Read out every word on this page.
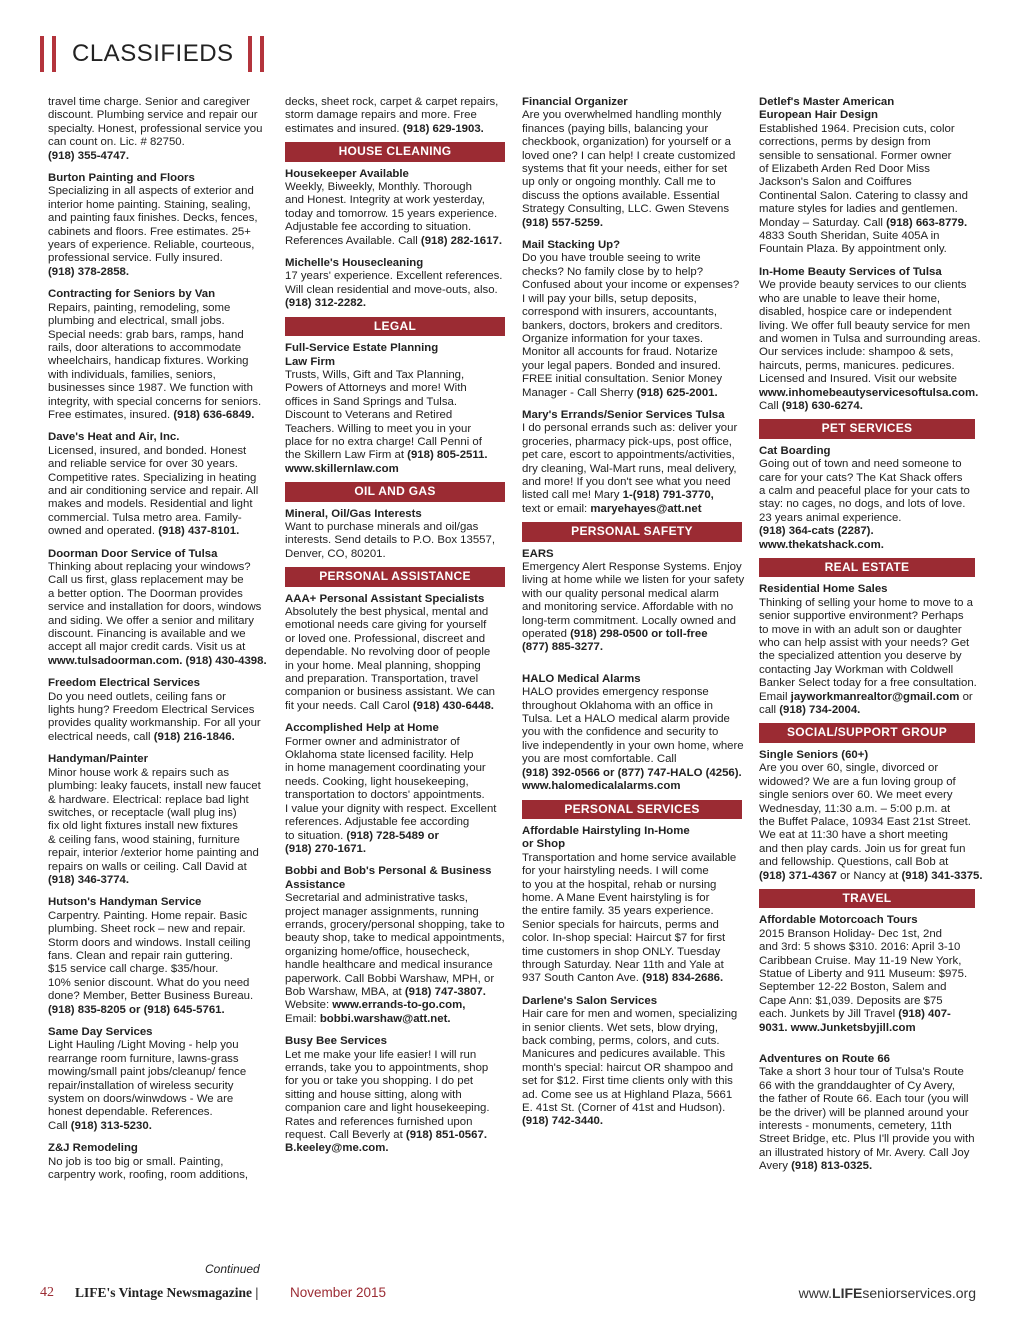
CLASSIFIEDS
travel time charge. Senior and caregiver
discount. Plumbing service and repair our
specialty. Honest, professional service you
can count on. Lic. # 82750.
(918) 355-4747.
Burton Painting and Floors
Specializing in all aspects of exterior and
interior home painting. Staining, sealing,
and painting faux finishes. Decks, fences,
cabinets and floors. Free estimates. 25+
years of experience. Reliable, courteous,
professional service. Fully insured.
(918) 378-2858.
Contracting for Seniors by Van
Repairs, painting, remodeling, some
plumbing and electrical, small jobs.
Special needs: grab bars, ramps, hand
rails, door alterations to accommodate
wheelchairs, handicap fixtures. Working
with individuals, families, seniors,
businesses since 1987. We function with
integrity, with special concerns for seniors.
Free estimates, insured. (918) 636-6849.
Dave's Heat and Air, Inc.
Licensed, insured, and bonded. Honest
and reliable service for over 30 years.
Competitive rates. Specializing in heating
and air conditioning service and repair. All
makes and models. Residential and light
commercial. Tulsa metro area. Family-
owned and operated. (918) 437-8101.
Doorman Door Service of Tulsa
Thinking about replacing your windows?
Call us first, glass replacement may be
a better option. The Doorman provides
service and installation for doors, windows
and siding. We offer a senior and military
discount. Financing is available and we
accept all major credit cards. Visit us at
www.tulsadoorman.com. (918) 430-4398.
Freedom Electrical Services
Do you need outlets, ceiling fans or
lights hung? Freedom Electrical Services
provides quality workmanship. For all your
electrical needs, call (918) 216-1846.
Handyman/Painter
Minor house work & repairs such as
plumbing: leaky faucets, install new faucet
& hardware. Electrical: replace bad light
switches, or receptacle (wall plug ins)
fix old light fixtures install new fixtures
& ceiling fans, wood staining, furniture
repair, interior /exterior home painting and
repairs on walls or ceiling. Call David at
(918) 346-3774.
Hutson's Handyman Service
Carpentry. Painting. Home repair. Basic
plumbing. Sheet rock – new and repair.
Storm doors and windows. Install ceiling
fans. Clean and repair rain guttering.
$15 service call charge. $35/hour.
10% senior discount. What do you need
done? Member, Better Business Bureau.
(918) 835-8205 or (918) 645-5761.
Same Day Services
Light Hauling /Light Moving - help you
rearrange room furniture, lawns-grass
mowing/small paint jobs/cleanup/ fence
repair/installation of wireless security
system on doors/winwdows - We are
honest dependable. References.
Call (918) 313-5230.
Z&J Remodeling
No job is too big or small. Painting,
carpentry work, roofing, room additions,
decks, sheet rock, carpet & carpet repairs,
storm damage repairs and more. Free
estimates and insured. (918) 629-1903.
HOUSE CLEANING
Housekeeper Available
Weekly, Biweekly, Monthly. Thorough
and Honest. Integrity at work yesterday,
today and tomorrow. 15 years experience.
Adjustable fee according to situation.
References Available. Call (918) 282-1617.
Michelle's Housecleaning
17 years' experience. Excellent references.
Will clean residential and move-outs, also.
(918) 312-2282.
LEGAL
Full-Service Estate Planning
Law Firm
Trusts, Wills, Gift and Tax Planning,
Powers of Attorneys and more! With
offices in Sand Springs and Tulsa.
Discount to Veterans and Retired
Teachers. Willing to meet you in your
place for no extra charge! Call Penni of
the Skillern Law Firm at (918) 805-2511.
www.skillernlaw.com
OIL AND GAS
Mineral, Oil/Gas Interests
Want to purchase minerals and oil/gas
interests. Send details to P.O. Box 13557,
Denver, CO, 80201.
PERSONAL ASSISTANCE
AAA+ Personal Assistant Specialists
Absolutely the best physical, mental and
emotional needs care giving for yourself
or loved one. Professional, discreet and
dependable. No revolving door of people
in your home. Meal planning, shopping
and preparation. Transportation, travel
companion or business assistant. We can
fit your needs. Call Carol (918) 430-6448.
Accomplished Help at Home
Former owner and administrator of
Oklahoma state licensed facility. Help
in home management coordinating your
needs. Cooking, light housekeeping,
transportation to doctors' appointments.
I value your dignity with respect. Excellent
references. Adjustable fee according
to situation. (918) 728-5489 or
(918) 270-1671.
Bobbi and Bob's Personal & Business
Assistance
Secretarial and administrative tasks,
project manager assignments, running
errands, grocery/personal shopping, take to
beauty shop, take to medical appointments,
organizing home/office, housecheck,
handle healthcare and medical insurance
paperwork. Call Bobbi Warshaw, MPH, or
Bob Warshaw, MBA, at (918) 747-3807.
Website: www.errands-to-go.com,
Email: bobbi.warshaw@att.net.
Busy Bee Services
Let me make your life easier! I will run
errands, take you to appointments, shop
for you or take you shopping. I do pet
sitting and house sitting, along with
companion care and light housekeeping.
Rates and references furnished upon
request. Call Beverly at (918) 851-0567.
B.keeley@me.com.
Financial Organizer
Are you overwhelmed handling monthly
finances (paying bills, balancing your
checkbook, organization) for yourself or a
loved one? I can help! I create customized
systems that fit your needs, either for set
up only or ongoing monthly. Call me to
discuss the options available. Essential
Strategy Consulting, LLC. Gwen Stevens
(918) 557-5259.
Mail Stacking Up?
Do you have trouble seeing to write
checks? No family close by to help?
Confused about your income or expenses?
I will pay your bills, setup deposits,
correspond with insurers, accountants,
bankers, doctors, brokers and creditors.
Organize information for your taxes.
Monitor all accounts for fraud. Notarize
your legal papers. Bonded and insured.
FREE initial consultation. Senior Money
Manager - Call Sherry (918) 625-2001.
Mary's Errands/Senior Services Tulsa
I do personal errands such as: deliver your
groceries, pharmacy pick-ups, post office,
pet care, escort to appointments/activities,
dry cleaning, Wal-Mart runs, meal delivery,
and more! If you don't see what you need
listed call me! Mary 1-(918) 791-3770,
text or email: maryehayes@att.net
PERSONAL SAFETY
EARS
Emergency Alert Response Systems. Enjoy
living at home while we listen for your safety
with our quality personal medical alarm
and monitoring service. Affordable with no
long-term commitment. Locally owned and
operated (918) 298-0500 or toll-free
(877) 885-3277.
HALO Medical Alarms
HALO provides emergency response
throughout Oklahoma with an office in
Tulsa. Let a HALO medical alarm provide
you with the confidence and security to
live independently in your own home, where
you are most comfortable. Call
(918) 392-0566 or (877) 747-HALO (4256).
www.halomedicalalarms.com
PERSONAL SERVICES
Affordable Hairstyling In-Home
or Shop
Transportation and home service available
for your hairstyling needs. I will come
to you at the hospital, rehab or nursing
home. A Mane Event hairstyling is for
the entire family. 35 years experience.
Senior specials for haircuts, perms and
color. In-shop special: Haircut $7 for first
time customers in shop ONLY. Tuesday
through Saturday. Near 11th and Yale at
937 South Canton Ave. (918) 834-2686.
Darlene's Salon Services
Hair care for men and women, specializing
in senior clients. Wet sets, blow drying,
back combing, perms, colors, and cuts.
Manicures and pedicures available. This
month's special: haircut OR shampoo and
set for $12. First time clients only with this
ad. Come see us at Highland Plaza, 5661
E. 41st St. (Corner of 41st and Hudson).
(918) 742-3440.
Detlef's Master American
European Hair Design
Established 1964. Precision cuts, color
corrections, perms by design from
sensible to sensational. Former owner
of Elizabeth Arden Red Door Miss
Jackson's Salon and Coiffures
Continental Salon. Catering to classy and
mature styles for ladies and gentlemen.
Monday – Saturday. Call (918) 663-8779.
4833 South Sheridan, Suite 405A in
Fountain Plaza. By appointment only.
In-Home Beauty Services of Tulsa
We provide beauty services to our clients
who are unable to leave their home,
disabled, hospice care or independent
living. We offer full beauty service for men
and women in Tulsa and surrounding areas.
Our services include: shampoo & sets,
haircuts, perms, manicures. pedicures.
Licensed and Insured. Visit our website
www.inhomebeautyservicesoftulsa.com.
Call (918) 630-6274.
PET SERVICES
Cat Boarding
Going out of town and need someone to
care for your cats? The Kat Shack offers
a calm and peaceful place for your cats to
stay: no cages, no dogs, and lots of love.
23 years animal experience.
(918) 364-cats (2287).
www.thekatshack.com.
REAL ESTATE
Residential Home Sales
Thinking of selling your home to move to a
senior supportive environment? Perhaps
to move in with an adult son or daughter
who can help assist with your needs? Get
the specialized attention you deserve by
contacting Jay Workman with Coldwell
Banker Select today for a free consultation.
Email jayworkmanrealtor@gmail.com or
call (918) 734-2004.
SOCIAL/SUPPORT GROUP
Single Seniors (60+)
Are you over 60, single, divorced or
widowed? We are a fun loving group of
single seniors over 60. We meet every
Wednesday, 11:30 a.m. – 5:00 p.m. at
the Buffet Palace, 10934 East 21st Street.
We eat at 11:30 have a short meeting
and then play cards. Join us for great fun
and fellowship. Questions, call Bob at
(918) 371-4367 or Nancy at (918) 341-3375.
TRAVEL
Affordable Motorcoach Tours
2015 Branson Holiday- Dec 1st, 2nd
and 3rd: 5 shows $310. 2016: April 3-10
Caribbean Cruise. May 11-19 New York,
Statue of Liberty and 911 Museum: $975.
September 12-22 Boston, Salem and
Cape Ann: $1,039. Deposits are $75
each. Junkets by Jill Travel (918) 407-
9031. www.Junketsbyjill.com
Adventures on Route 66
Take a short 3 hour tour of Tulsa's Route
66 with the granddaughter of Cy Avery,
the father of Route 66. Each tour (you will
be the driver) will be planned around your
interests - monuments, cemetery, 11th
Street Bridge, etc. Plus I'll provide you with
an illustrated history of Mr. Avery. Call Joy
Avery (918) 813-0325.
Continued
42 LIFE's Vintage Newsmagazine | November 2015	www.LIFEseniorservices.org
